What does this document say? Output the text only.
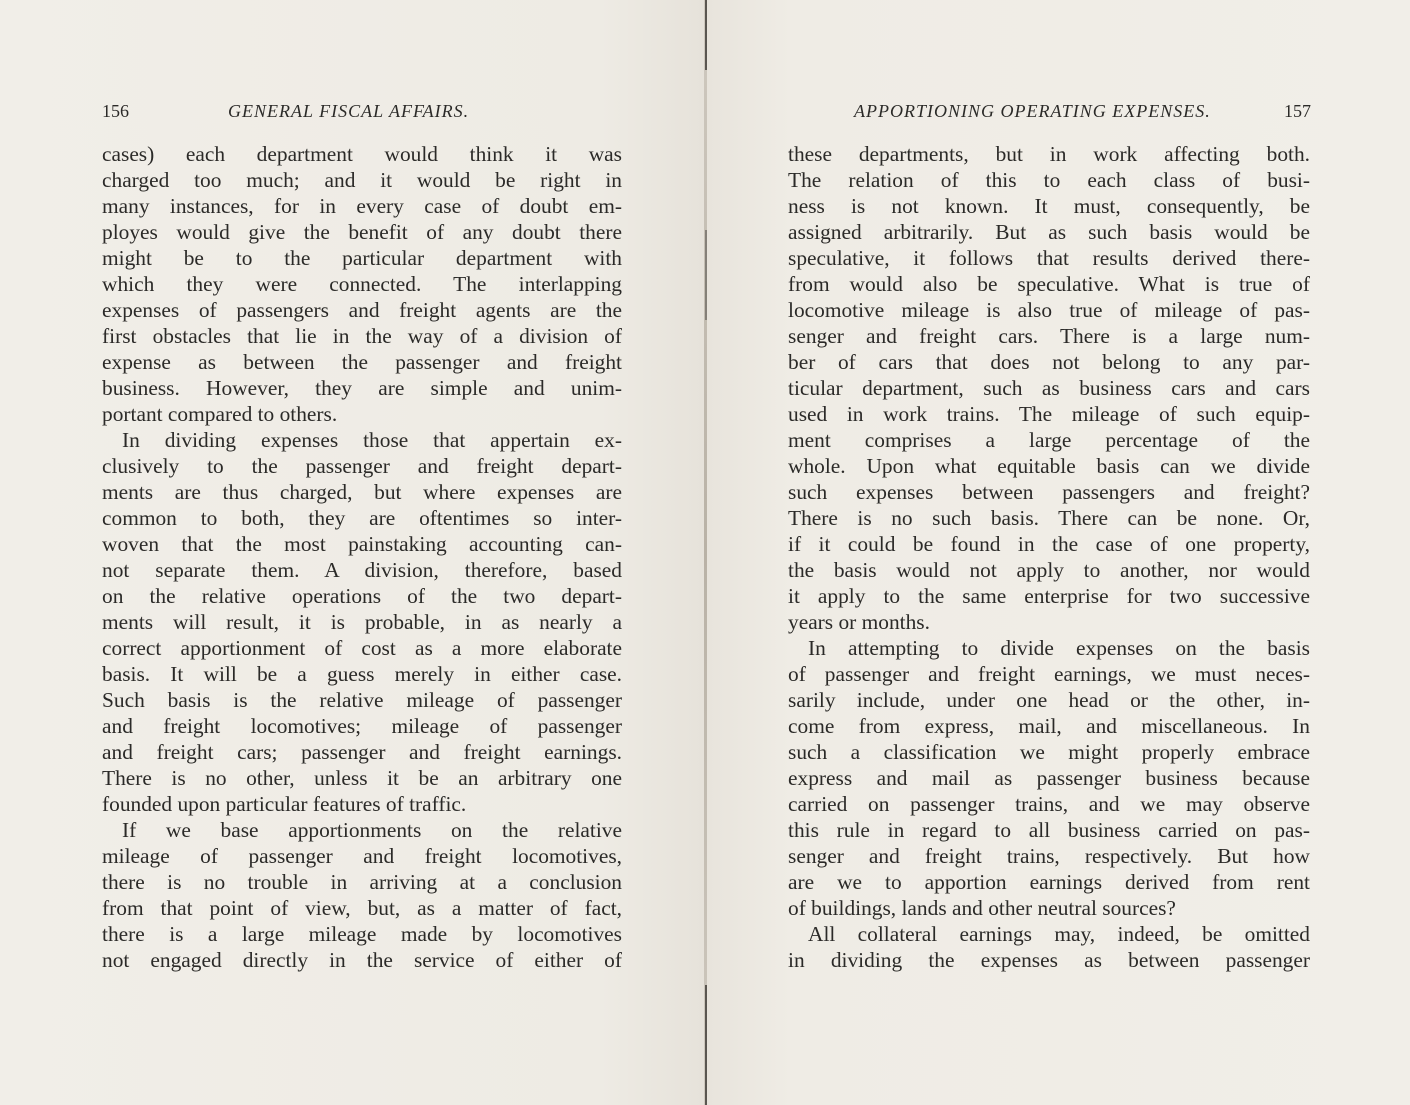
156	GENERAL FISCAL AFFAIRS.
cases) each department would think it was
charged too much; and it would be right in
many instances, for in every case of doubt em-
ployes would give the benefit of any doubt there
might be to the particular department with
which they were connected. The interlapping
expenses of passengers and freight agents are the
first obstacles that lie in the way of a division of
expense as between the passenger and freight
business. However, they are simple and unim-
portant compared to others.
In dividing expenses those that appertain ex-
clusively to the passenger and freight depart-
ments are thus charged, but where expenses are
common to both, they are oftentimes so inter-
woven that the most painstaking accounting can-
not separate them. A division, therefore, based
on the relative operations of the two depart-
ments will result, it is probable, in as nearly a
correct apportionment of cost as a more elaborate
basis. It will be a guess merely in either case.
Such basis is the relative mileage of passenger
and freight locomotives; mileage of passenger
and freight cars; passenger and freight earnings.
There is no other, unless it be an arbitrary one
founded upon particular features of traffic.
If we base apportionments on the relative
mileage of passenger and freight locomotives,
there is no trouble in arriving at a conclusion
from that point of view, but, as a matter of fact,
there is a large mileage made by locomotives
not engaged directly in the service of either of
APPORTIONING OPERATING EXPENSES.	157
these departments, but in work affecting both.
The relation of this to each class of busi-
ness is not known. It must, consequently, be
assigned arbitrarily. But as such basis would be
speculative, it follows that results derived there-
from would also be speculative. What is true of
locomotive mileage is also true of mileage of pas-
senger and freight cars. There is a large num-
ber of cars that does not belong to any par-
ticular department, such as business cars and cars
used in work trains. The mileage of such equip-
ment comprises a large percentage of the
whole. Upon what equitable basis can we divide
such expenses between passengers and freight?
There is no such basis. There can be none. Or,
if it could be found in the case of one property,
the basis would not apply to another, nor would
it apply to the same enterprise for two successive
years or months.
In attempting to divide expenses on the basis
of passenger and freight earnings, we must neces-
sarily include, under one head or the other, in-
come from express, mail, and miscellaneous. In
such a classification we might properly embrace
express and mail as passenger business because
carried on passenger trains, and we may observe
this rule in regard to all business carried on pas-
senger and freight trains, respectively. But how
are we to apportion earnings derived from rent
of buildings, lands and other neutral sources?
All collateral earnings may, indeed, be omitted
in dividing the expenses as between passenger
